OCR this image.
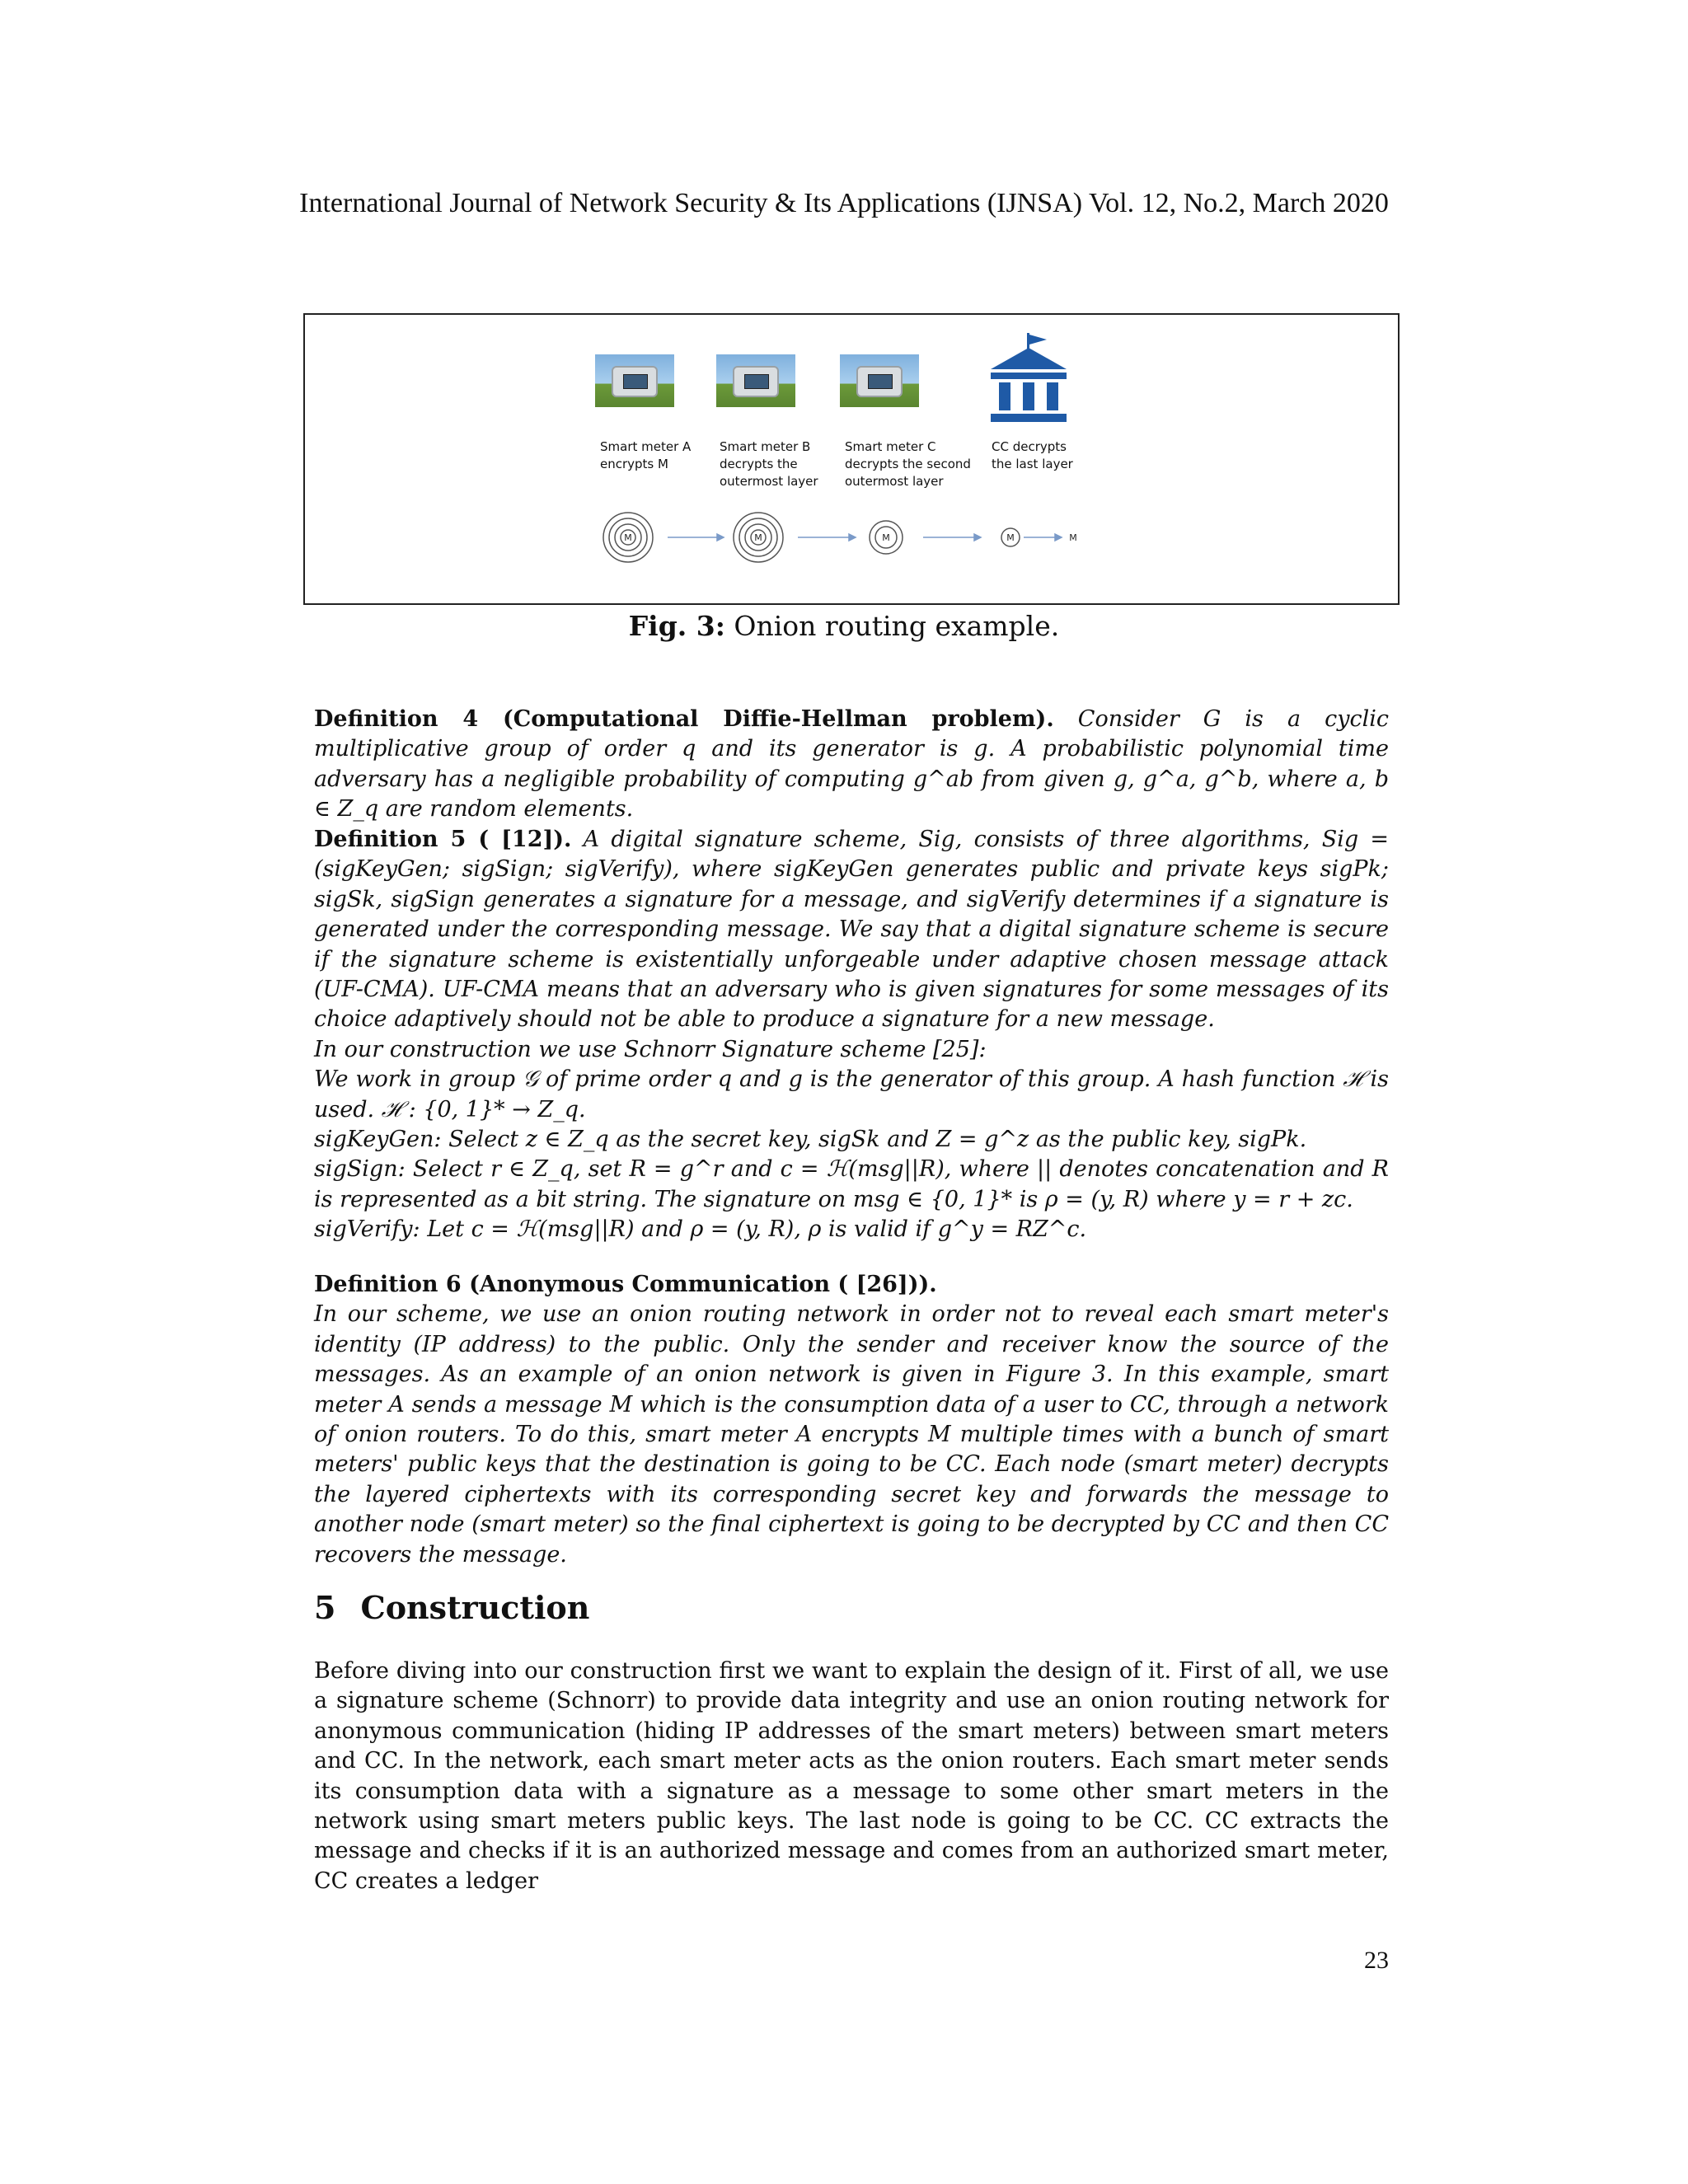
International Journal of Network Security & Its Applications (IJNSA) Vol. 12, No.2, March 2020
Smart meter A
encrypts M
Smart meter B
decrypts the
outermost layer
Smart meter C
decrypts the second
outermost layer
CC decrypts
the last layer
M	M	M	M	M
Fig. 3: Onion routing example.

Definition 4 (Computational Diffie-Hellman problem). Consider G is a cyclic multiplicative group of order q and its generator is g. A probabilistic polynomial time adversary has a negligible probability of computing g^ab from given g, g^a, g^b, where a, b ∈ Z_q are random elements.

Definition 5 ( [12]). A digital signature scheme, Sig, consists of three algorithms, Sig = (sigKeyGen; sigSign; sigVerify), where sigKeyGen generates public and private keys sigPk; sigSk, sigSign generates a signature for a message, and sigVerify determines if a signature is generated under the corresponding message. We say that a digital signature scheme is secure if the signature scheme is existentially unforgeable under adaptive chosen message attack (UF-CMA). UF-CMA means that an adversary who is given signatures for some messages of its choice adaptively should not be able to produce a signature for a new message.

In our construction we use Schnorr Signature scheme [25]:

We work in group 𝒢 of prime order q and g is the generator of this group. A hash function ℋ is used. ℋ : {0, 1}* → Z_q.

sigKeyGen: Select z ∈ Z_q as the secret key, sigSk and Z = g^z as the public key, sigPk.

sigSign: Select r ∈ Z_q, set R = g^r and c = ℋ(msg||R), where || denotes concatenation and R is represented as a bit string. The signature on msg ∈ {0, 1}* is ρ = (y, R) where y = r + zc.

sigVerify: Let c = ℋ(msg||R) and ρ = (y, R), ρ is valid if g^y = RZ^c.

Definition 6 (Anonymous Communication ( [26])).

In our scheme, we use an onion routing network in order not to reveal each smart meter's identity (IP address) to the public. Only the sender and receiver know the source of the messages. As an example of an onion network is given in Figure 3. In this example, smart meter A sends a message M which is the consumption data of a user to CC, through a network of onion routers. To do this, smart meter A encrypts M multiple times with a bunch of smart meters' public keys that the destination is going to be CC. Each node (smart meter) decrypts the layered ciphertexts with its corresponding secret key and forwards the message to another node (smart meter) so the final ciphertext is going to be decrypted by CC and then CC recovers the message.

5 Construction

Before diving into our construction first we want to explain the design of it. First of all, we use a signature scheme (Schnorr) to provide data integrity and use an onion routing network for anonymous communication (hiding IP addresses of the smart meters) between smart meters and CC. In the network, each smart meter acts as the onion routers. Each smart meter sends its consumption data with a signature as a message to some other smart meters in the network using smart meters public keys. The last node is going to be CC. CC extracts the message and checks if it is an authorized message and comes from an authorized smart meter, CC creates a ledger

23
